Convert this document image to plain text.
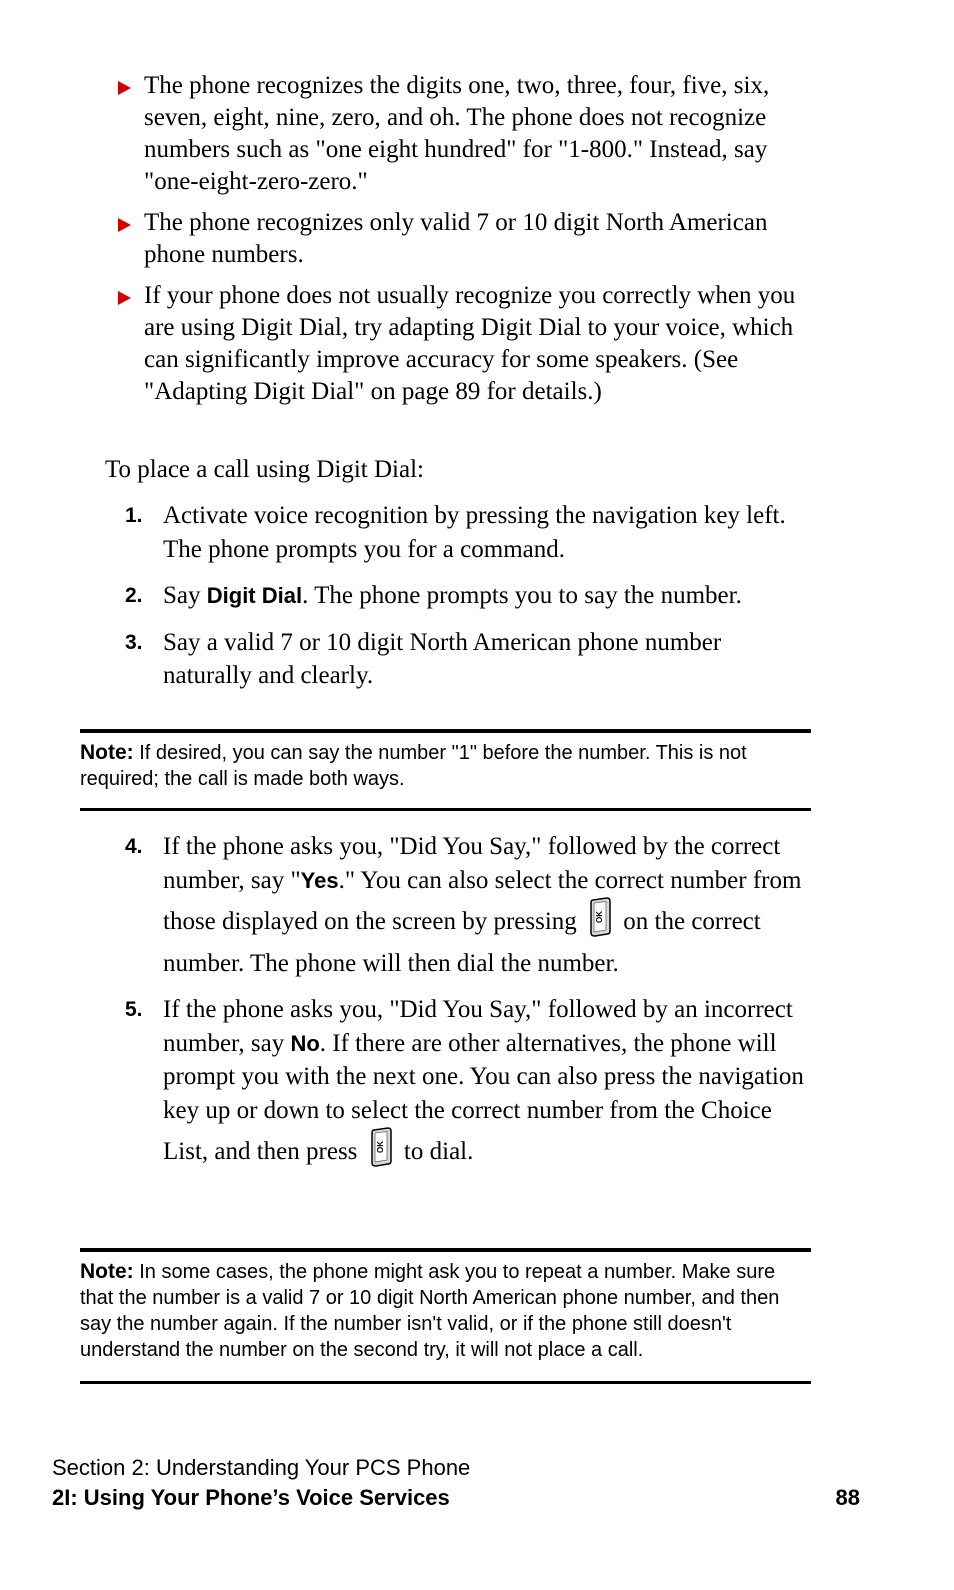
The phone recognizes the digits one, two, three, four, five, six, seven, eight, nine, zero, and oh. The phone does not recognize numbers such as "one eight hundred" for "1-800." Instead, say "one-eight-zero-zero."
The phone recognizes only valid 7 or 10 digit North American phone numbers.
If your phone does not usually recognize you correctly when you are using Digit Dial, try adapting Digit Dial to your voice, which can significantly improve accuracy for some speakers. (See "Adapting Digit Dial" on page 89 for details.)
To place a call using Digit Dial:
1. Activate voice recognition by pressing the navigation key left. The phone prompts you for a command.
2. Say Digit Dial. The phone prompts you to say the number.
3. Say a valid 7 or 10 digit North American phone number naturally and clearly.
Note: If desired, you can say the number "1" before the number. This is not required; the call is made both ways.
4. If the phone asks you, "Did You Say," followed by the correct number, say "Yes." You can also select the correct number from those displayed on the screen by pressing OK on the correct number. The phone will then dial the number.
5. If the phone asks you, "Did You Say," followed by an incorrect number, say No. If there are other alternatives, the phone will prompt you with the next one. You can also press the navigation key up or down to select the correct number from the Choice List, and then press OK to dial.
Note: In some cases, the phone might ask you to repeat a number. Make sure that the number is a valid 7 or 10 digit North American phone number, and then say the number again. If the number isn't valid, or if the phone still doesn't understand the number on the second try, it will not place a call.
Section 2: Understanding Your PCS Phone
2I: Using Your Phone’s Voice Services	88
